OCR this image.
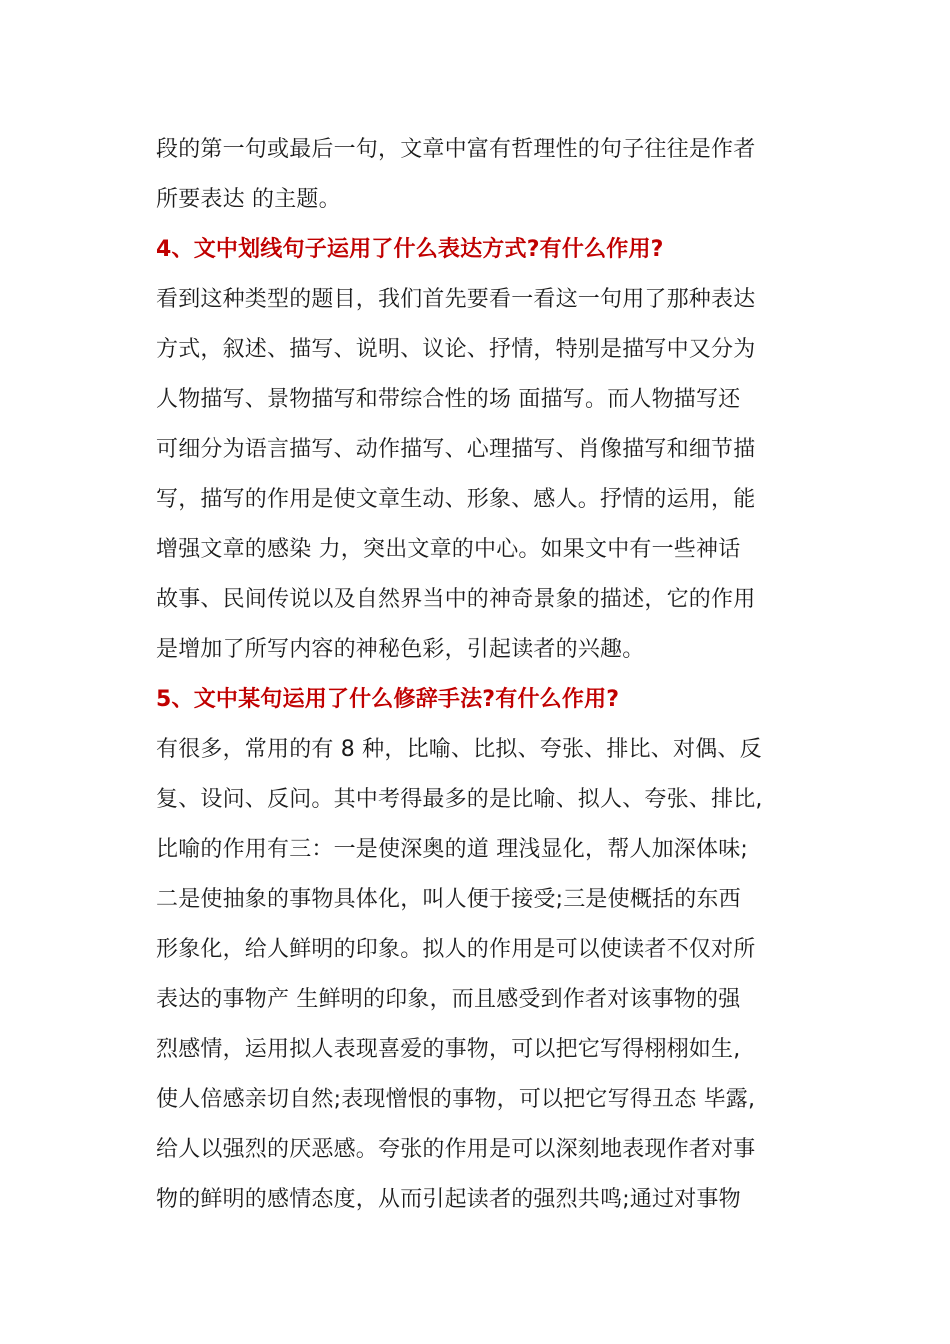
段的第一句或最后一句，文章中富有哲理性的句子往往是作者
所要表达 的主题。
4、文中划线句子运用了什么表达方式?有什么作用?
看到这种类型的题目，我们首先要看一看这一句用了那种表达
方式，叙述、描写、说明、议论、抒情，特别是描写中又分为
人物描写、景物描写和带综合性的场 面描写。而人物描写还
可细分为语言描写、动作描写、心理描写、肖像描写和细节描
写，描写的作用是使文章生动、形象、感人。抒情的运用，能
增强文章的感染 力，突出文章的中心。如果文中有一些神话
故事、民间传说以及自然界当中的神奇景象的描述，它的作用
是增加了所写内容的神秘色彩，引起读者的兴趣。
5、文中某句运用了什么修辞手法?有什么作用?
有很多，常用的有 8 种，比喻、比拟、夸张、排比、对偶、反
复、设问、反问。其中考得最多的是比喻、拟人、夸张、排比,
比喻的作用有三：一是使深奥的道 理浅显化，帮人加深体味;
二是使抽象的事物具体化，叫人便于接受;三是使概括的东西
形象化，给人鲜明的印象。拟人的作用是可以使读者不仅对所
表达的事物产 生鲜明的印象，而且感受到作者对该事物的强
烈感情，运用拟人表现喜爱的事物，可以把它写得栩栩如生,
使人倍感亲切自然;表现憎恨的事物，可以把它写得丑态 毕露,
给人以强烈的厌恶感。夸张的作用是可以深刻地表现作者对事
物的鲜明的感情态度，从而引起读者的强烈共鸣;通过对事物
